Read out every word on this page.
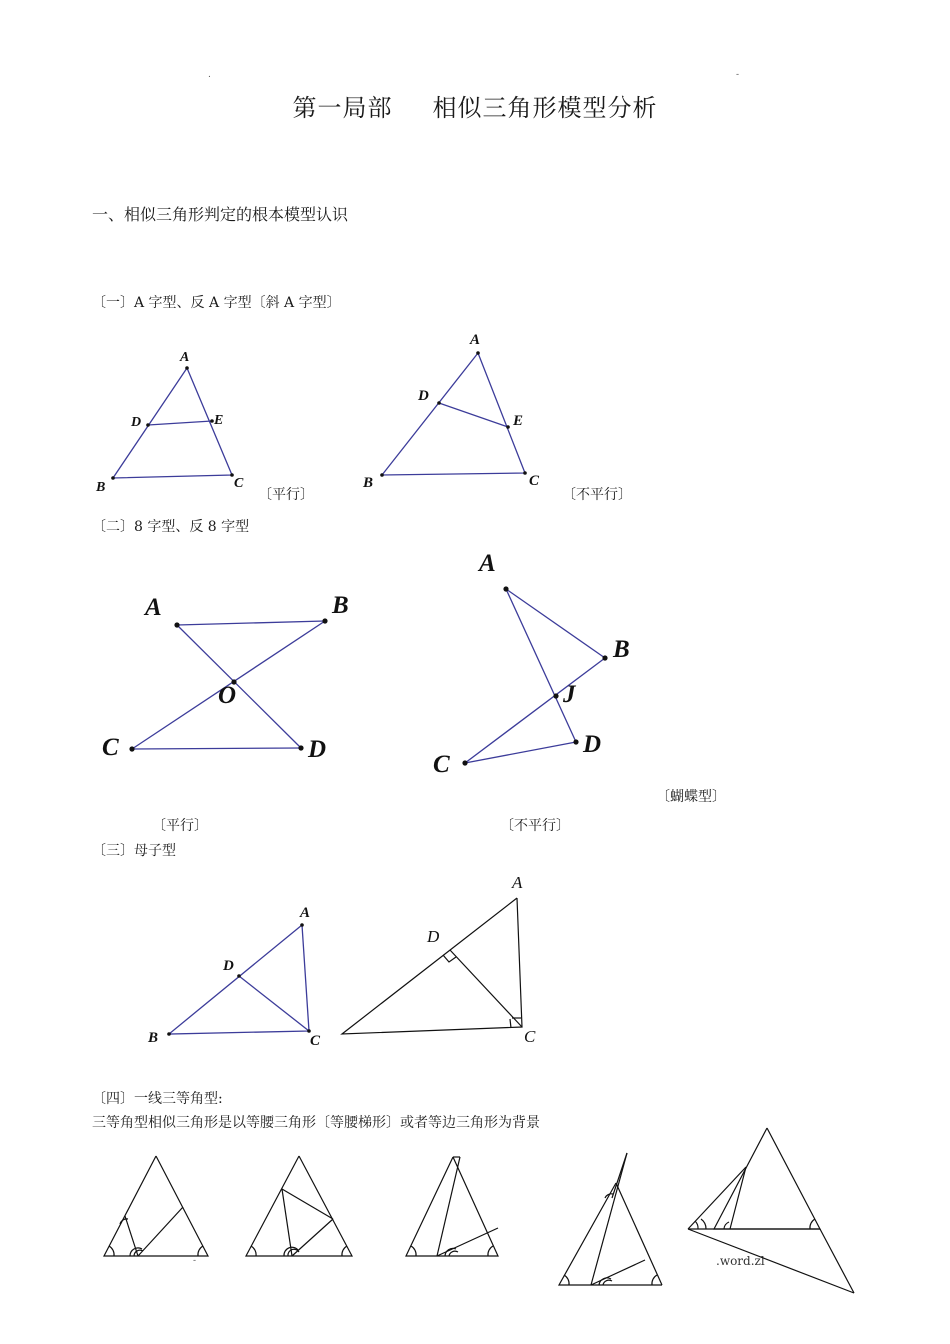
.	-
第一局部 相似三角形模型分析
一、相似三角形判定的根本模型认识
〔一〕A 字型、反 A 字型〔斜 A 字型〕
〔平行〕	〔不平行〕
〔二〕8 字型、反 8 字型
〔蝴蝶型〕
〔平行〕	〔不平行〕
〔三〕母子型
〔四〕一线三等角型:
三等角型相似三角形是以等腰三角形〔等腰梯形〕或者等边三角形为背景
-	.word.zl
A
D	E
B	C
A
D
E
B	C
A	B
O
C	D
A
B
J
C
D
A
D
B	C
A
D
C
